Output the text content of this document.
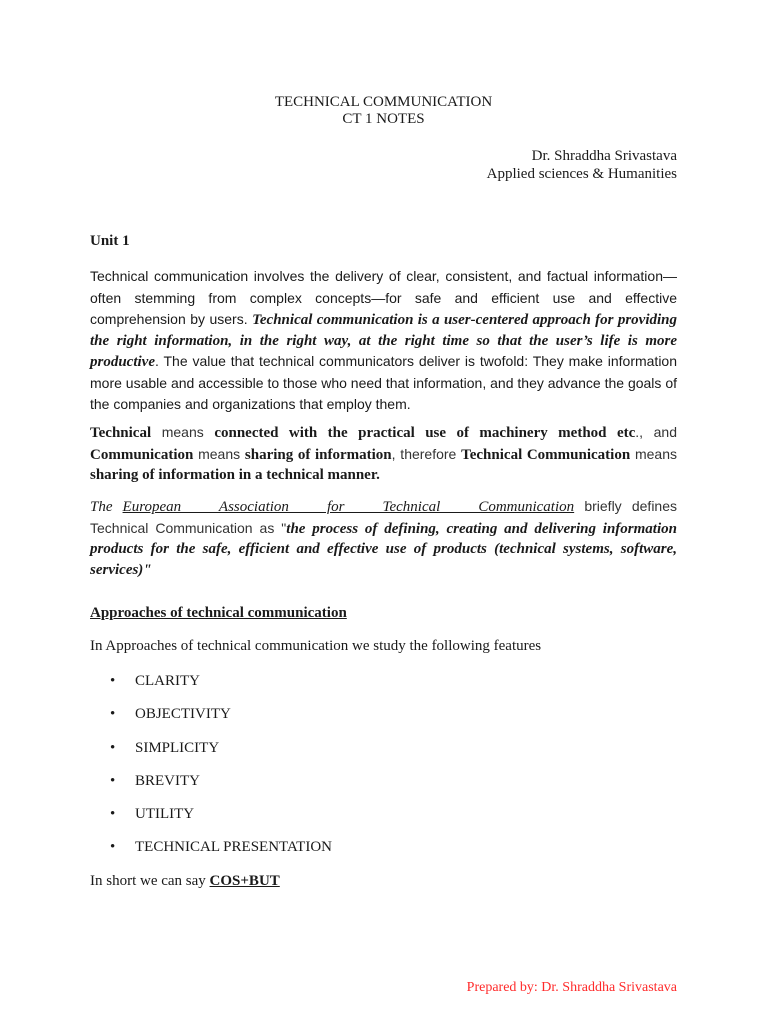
TECHNICAL COMMUNICATION
CT 1 NOTES
Dr. Shraddha Srivastava
Applied sciences & Humanities
Unit 1

Technical communication involves the delivery of clear, consistent, and factual information—often stemming from complex concepts—for safe and efficient use and effective comprehension by users. Technical communication is a user-centered approach for providing the right information, in the right way, at the right time so that the user’s life is more productive. The value that technical communicators deliver is twofold: They make information more usable and accessible to those who need that information, and they advance the goals of the companies and organizations that employ them.

Technical means connected with the practical use of machinery method etc., and Communication means sharing of information, therefore Technical Communication means sharing of information in a technical manner.

The European Association for Technical Communication briefly defines Technical Communication as "the process of defining, creating and delivering information products for the safe, efficient and effective use of products (technical systems, software, services)"

Approaches of technical communication
In Approaches of technical communication we study the following features
•	CLARITY
•	OBJECTIVITY
•	SIMPLICITY
•	BREVITY
•	UTILITY
•	TECHNICAL PRESENTATION
In short we can say COS+BUT
Prepared by: Dr. Shraddha Srivastava
